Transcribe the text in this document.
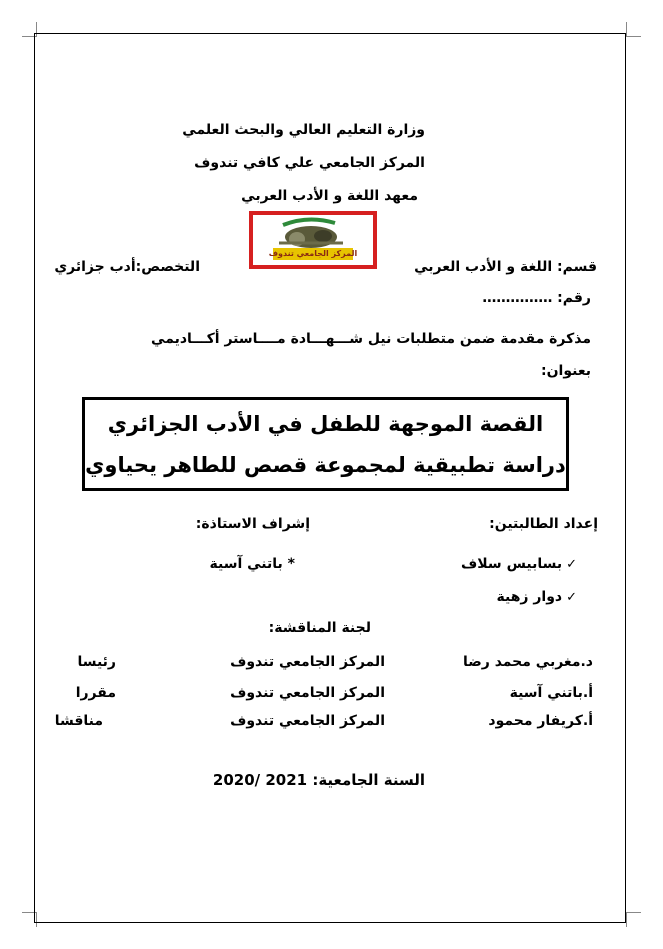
وزارة التعليم العالي والبحث العلمي
المركز الجامعي علي كافي تندوف
معهد اللغة و الأدب العربي
المركز الجامعي تندوف
قسم: اللغة و الأدب العربي
التخصص:أدب جزائري
رقم: ……………
مذكرة مقدمة ضمن متطلبات نيل شـــهـــادة مــــاستر أكـــاديمي
بعنوان:
القصة الموجهة للطفل في الأدب الجزائري
دراسة تطبيقية لمجموعة قصص للطاهر يحياوي
إعداد الطالبتين:
إشراف الاستاذة:
✓بسابيس سلاف
✓دوار زهية
* باتني آسية
لجنة المناقشة:
د.مغربي محمد رضا
المركز الجامعي تندوف
رئيسا
أ.باتني آسية
المركز الجامعي تندوف
مقررا
أ.كريفار محمود
المركز الجامعي تندوف
مناقشا
السنة الجامعية: 2020/ 2021
